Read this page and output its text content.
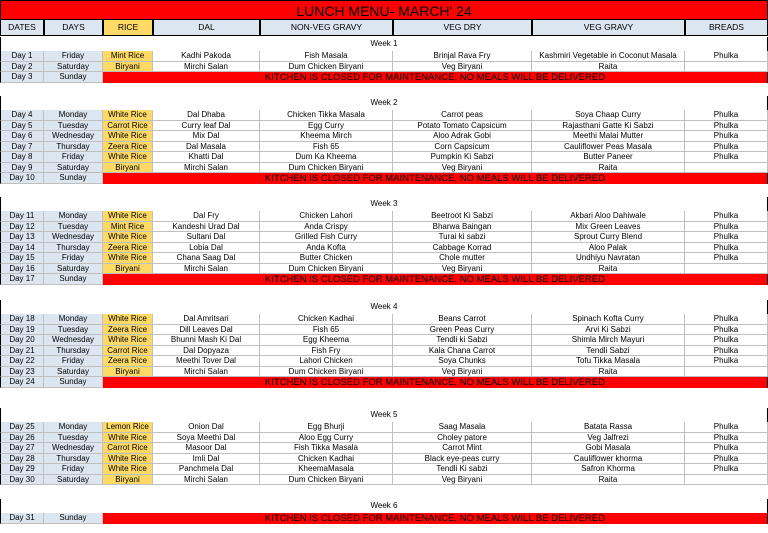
LUNCH MENU- MARCH' 24
DATES	DAYS	RICE	DAL	NON-VEG GRAVY	VEG DRY	VEG GRAVY	BREADS
Week 1
Day 1	Friday	Mint Rice	Kadhi Pakoda	Fish Masala	Brinjal Rava Fry	Kashmiri Vegetable in Coconut Masala	Phulka
Day 2	Saturday	Biryani	Mirchi Salan	Dum Chicken Biryani	Veg Biryani	Raita
Day 3	Sunday	KITCHEN IS CLOSED FOR MAINTENANCE, NO MEALS WILL BE DELIVERED
Week 2
Day 4	Monday	White Rice	Dal Dhaba	Chicken Tikka Masala	Carrot peas	Soya Chaap Curry	Phulka
Day 5	Tuesday	Carrot Rice	Curry leaf Dal	Egg Curry	Potato Tomato Capsicum	Rajasthani Gatte Ki Sabzi	Phulka
Day 6	Wednesday	White Rice	Mix Dal	Kheema Mirch	Aloo Adrak Gobi	Meethi Malai Mutter	Phulka
Day 7	Thursday	Zeera Rice	Dal Masala	Fish 65	Corn Capsicum	Cauliflower Peas Masala	Phulka
Day 8	Friday	White Rice	Khatti Dal	Dum Ka Kheema	Pumpkin Ki Sabzi	Butter Paneer	Phulka
Day 9	Saturday	Biryani	Mirchi Salan	Dum Chicken Biryani	Veg Biryani	Raita
Day 10	Sunday	KITCHEN IS CLOSED FOR MAINTENANCE, NO MEALS WILL BE DELIVERED
Week 3
Day 11	Monday	White Rice	Dal Fry	Chicken Lahori	Beetroot Ki Sabzi	Akbari Aloo Dahiwale	Phulka
Day 12	Tuesday	Mint Rice	Kandeshi Urad Dal	Anda Crispy	Bharwa Baingan	Mix Green Leaves	Phulka
Day 13	Wednesday	White Rice	Sultani Dal	Grilled Fish Curry	Turai ki sabzi	Sprout Curry Blend	Phulka
Day 14	Thursday	Zeera Rice	Lobia Dal	Anda Kofta	Cabbage Korrad	Aloo Palak	Phulka
Day 15	Friday	White Rice	Chana Saag Dal	Butter Chicken	Chole mutter	Undhiyu Navratan	Phulka
Day 16	Saturday	Biryani	Mirchi Salan	Dum Chicken Biryani	Veg Biryani	Raita
Day 17	Sunday	KITCHEN IS CLOSED FOR MAINTENANCE, NO MEALS WILL BE DELIVERED
Week 4
Day 18	Monday	White Rice	Dal Amritsari	Chicken Kadhai	Beans Carrot	Spinach Kofta Curry	Phulka
Day 19	Tuesday	Zeera Rice	Dill Leaves Dal	Fish 65	Green Peas Curry	Arvi Ki Sabzi	Phulka
Day 20	Wednesday	White Rice	Bhunni Mash Ki Dal	Egg Kheema	Tendli ki Sabzi	Shimla Mirch Mayuri	Phulka
Day 21	Thursday	Carrot Rice	Dal Dopyaza	Fish Fry	Kala Chana Carrot	Tendli Sabzi	Phulka
Day 22	Friday	Zeera Rice	Meethi Tover Dal	Lahori Chicken	Soya Chunks	Tofu Tikka Masala	Phulka
Day 23	Saturday	Biryani	Mirchi Salan	Dum Chicken Biryani	Veg Biryani	Raita
Day 24	Sunday	KITCHEN IS CLOSED FOR MAINTENANCE, NO MEALS WILL BE DELIVERED
Week 5
Day 25	Monday	Lemon Rice	Onion Dal	Egg Bhurji	Saag Masala	Batata Rassa	Phulka
Day 26	Tuesday	White Rice	Soya Meethi Dal	Aloo Egg Curry	Choley patore	Veg Jalfrezi	Phulka
Day 27	Wednesday	Carrot Rice	Masoor Dal	Fish Tikka Masala	Carrot Mint	Gobi Masala	Phulka
Day 28	Thursday	White Rice	Imli Dal	Chicken Kadhai	Black eye-peas curry	Cauliflower khorma	Phulka
Day 29	Friday	White Rice	Panchmela Dal	KheemaMasala	Tendli Ki sabzi	Safron Khorma	Phulka
Day 30	Saturday	Biryani	Mirchi Salan	Dum Chicken Biryani	Veg Biryani	Raita
Week 6
Day 31	Sunday	KITCHEN IS CLOSED FOR MAINTENANCE, NO MEALS WILL BE DELIVERED
